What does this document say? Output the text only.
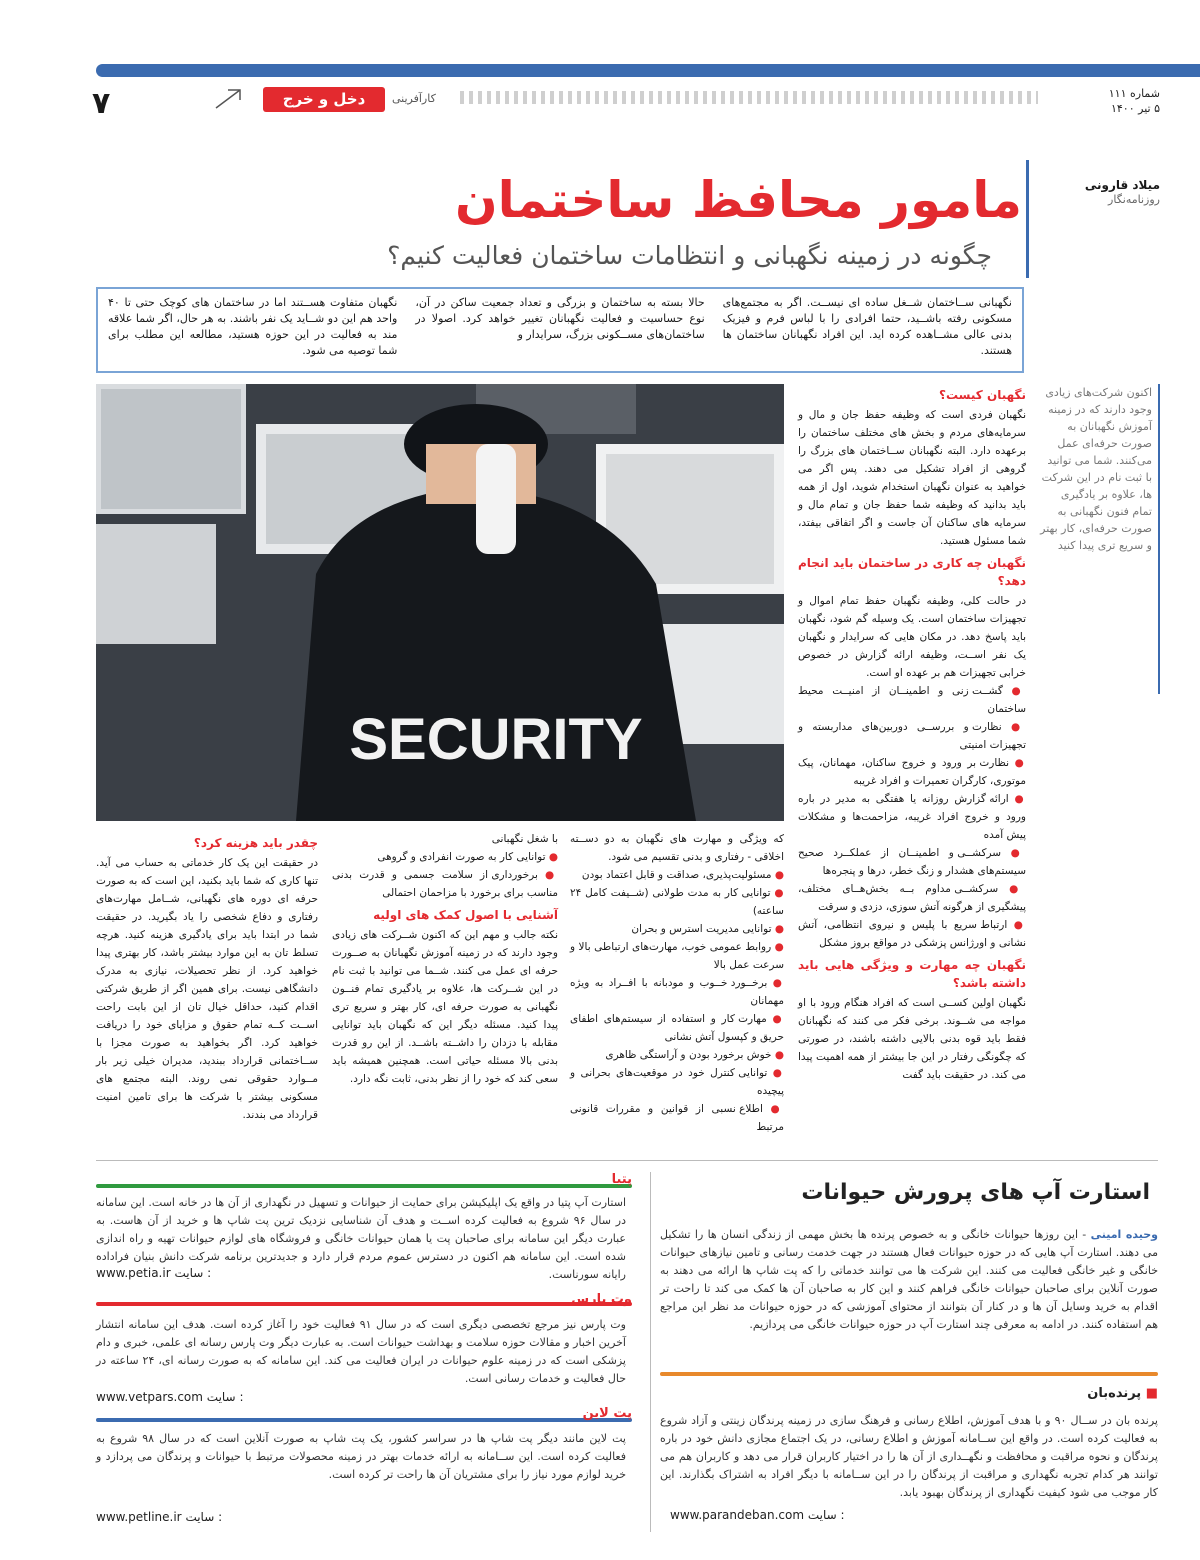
۷	دخل و خرج	کارآفرینی	شماره ۱۱۱
۵ تیر ۱۴۰۰
میلاد قارونی
روزنامه‌نگار
مامور محافظ ساختمان
چگونه در زمینه نگهبانی و انتظامات ساختمان فعالیت کنیم؟

نگهبانی ســاختمان شــغل ساده ای نیســت. اگر به مجتمع‌های مسکونی رفته باشــید، حتما افرادی را با لباس فرم و فیزیک بدنی عالی مشــاهده کرده اید. این افراد نگهبانان ساختمان ها هستند.

حالا بسته به ساختمان و بزرگی و تعداد جمعیت ساکن در آن، نوع حساسیت و فعالیت نگهبانان تغییر خواهد کرد. اصولا در ساختمان‌های مســکونی بزرگ، سرایدار و

نگهبان متفاوت هســتند اما در ساختمان های کوچک حتی تا ۴۰ واحد هم این دو شــاید یک نفر باشند. به هر حال، اگر شما علاقه مند به فعالیت در این حوزه هستید، مطالعه این مطلب برای شما توصیه می شود.

SECURITY
اکنون شرکت‌های زیادی وجود دارند که در زمینه آموزش نگهبانان به صورت حرفه‌ای عمل می‌کنند. شما می توانید با ثبت نام در این شرکت ها، علاوه بر یادگیری تمام فنون نگهبانی به صورت حرفه‌ای، کار بهتر و سریع تری پیدا کنید
نگهبان کیست؟

نگهبان فردی است که وظیفه حفظ جان و مال و سرمایه‌های مردم و بخش های مختلف ساختمان را برعهده دارد. البته نگهبانان ســاختمان های بزرگ را گروهی از افراد تشکیل می دهند. پس اگر می خواهید به عنوان نگهبان استخدام شوید، اول از همه باید بدانید که وظیفه شما حفظ جان و تمام مال و سرمایه های ساکنان آن جاست و اگر اتفاقی بیفتد، شما مسئول هستید.

نگهبان چه کاری در ساختمان باید انجام دهد؟

در حالت کلی، وظیفه نگهبان حفظ تمام اموال و تجهیزات ساختمان است. یک وسیله گم شود، نگهبان باید پاسخ دهد. در مکان هایی که سرایدار و نگهبان یک نفر اســت، وظیفه ارائه گزارش در خصوص خرابی تجهیزات هم بر عهده او است.

● گشــت زنی و اطمینــان از امنیــت محیط ساختمان

● نظارت و بررســی دوربین‌های مداربسته و تجهیزات امنیتی

● نظارت بر ورود و خروج ساکنان، مهمانان، پیک موتوری، کارگران تعمیرات و افراد غریبه

● ارائه گزارش روزانه یا هفتگی به مدیر در باره ورود و خروج افراد غریبه، مزاحمت‌ها و مشکلات پیش آمده

● سرکشــی و اطمینــان از عملکــرد صحیح سیستم‌های هشدار و زنگ خطر، درها و پنجره‌ها

● سرکشــی مداوم بــه بخش‌هــای مختلف، پیشگیری از هرگونه آتش سوزی، دزدی و سرقت

● ارتباط سریع با پلیس و نیروی انتظامی، آتش نشانی و اورژانس پزشکی در مواقع بروز مشکل

نگهبان چه مهارت و ویژگی هایی باید داشته باشد؟

نگهبان اولین کســی است که افراد هنگام ورود با او مواجه می شــوند. برخی فکر می کنند که نگهبانان فقط باید قوه بدنی بالایی داشته باشند، در صورتی که چگونگی رفتار در این جا بیشتر از همه اهمیت پیدا می کند. در حقیقت باید گفت

که ویژگی و مهارت های نگهبان به دو دســته اخلاقی - رفتاری و بدنی تقسیم می شود.

● مسئولیت‌پذیری، صداقت و قابل اعتماد بودن

● توانایی کار به مدت طولانی (شــیفت کامل ۲۴ ساعته)

● توانایی مدیریت استرس و بحران

● روابط عمومی خوب، مهارت‌های ارتباطی بالا و سرعت عمل بالا

● برخــورد خــوب و مودبانه با افــراد به ویژه مهمانان

● مهارت کار و استفاده از سیستم‌های اطفای حریق و کپسول آتش نشانی

● خوش برخورد بودن و آراستگی ظاهری

● توانایی کنترل خود در موقعیت‌های بحرانی و پیچیده

● اطلاع نسبی از قوانین و مقررات قانونی مرتبط

با شغل نگهبانی

● توانایی کار به صورت انفرادی و گروهی

● برخورداری از سلامت جسمی و قدرت بدنی مناسب برای برخورد با مزاحمان احتمالی

آشنایی با اصول کمک های اولیه

نکته جالب و مهم این که اکنون شــرکت های زیادی وجود دارند که در زمینه آموزش نگهبانان به صــورت حرفه ای عمل می کنند. شــما می توانید با ثبت نام در این شــرکت ها، علاوه بر یادگیری تمام فنــون نگهبانی به صورت حرفه ای، کار بهتر و سریع تری پیدا کنید. مسئله دیگر این که نگهبان باید توانایی مقابله با دزدان را داشــته باشــد. از این رو قدرت بدنی بالا مسئله حیاتی است. همچنین همیشه باید سعی کند که خود را از نظر بدنی، ثابت نگه دارد.

چقدر باید هزینه کرد؟

در حقیقت این یک کار خدماتی به حساب می آید. تنها کاری که شما باید بکنید، این است که به صورت حرفه ای دوره های نگهبانی، شــامل مهارت‌های رفتاری و دفاع شخصی را یاد بگیرید. در حقیقت شما در ابتدا باید برای یادگیری هزینه کنید. هرچه تسلط تان به این موارد بیشتر باشد، کار بهتری پیدا خواهید کرد. از نظر تحصیلات، نیازی به مدرک دانشگاهی نیست. برای همین اگر از طریق شرکتی اقدام کنید، حداقل خیال تان از این بابت راحت اســت کــه تمام حقوق و مزایای خود را دریافت خواهید کرد. اگر بخواهید به صورت مجزا با ســاختمانی قرارداد ببندید، مدیران خیلی زیر بار مــوارد حقوقی نمی روند. البته مجتمع های مسکونی بیشتر با شرکت ها برای تامین امنیت قرارداد می بندند.

استارت آپ های پرورش حیوانات
وحیده امینی - این روزها حیوانات خانگی و به خصوص پرنده ها بخش مهمی از زندگی انسان ها را تشکیل می دهند. استارت آپ هایی که در حوزه حیوانات فعال هستند در جهت خدمت رسانی و تامین نیازهای حیوانات خانگی و غیر خانگی فعالیت می کنند. این شرکت ها می توانند خدماتی را که پت شاپ ها ارائه می دهند به صورت آنلاین برای صاحبان حیوانات خانگی فراهم کنند و این کار به صاحبان آن ها کمک می کند تا راحت تر اقدام به خرید وسایل آن ها و در کنار آن بتوانند از محتوای آموزشی که در حوزه حیوانات مد نظر این مراجع هم استفاده کنند. در ادامه به معرفی چند استارت آپ در حوزه حیوانات خانگی می پردازیم.
■ پرنده‌بان
پرنده بان در ســال ۹۰ و با هدف آموزش، اطلاع رسانی و فرهنگ سازی در زمینه پرندگان زینتی و آزاد شروع به فعالیت کرده است. در واقع این ســامانه آموزش و اطلاع رسانی، در یک اجتماع مجازی دانش خود در باره پرندگان و نحوه مراقبت و محافظت و نگهــداری از آن ها را در اختیار کاربران قرار می دهد و کاربران هم می توانند هر کدام تجربه نگهداری و مراقبت از پرندگان را در این ســامانه با دیگر افراد به اشتراک بگذارند. این کار موجب می شود کیفیت نگهداری از پرندگان بهبود یابد.
www.parandeban.com سایت :
پتیا
استارت آپ پتیا در واقع یک اپلیکیشن برای حمایت از حیوانات و تسهیل در نگهداری از آن ها در خانه است. این سامانه در سال ۹۶ شروع به فعالیت کرده اســت و هدف آن شناسایی نزدیک ترین پت شاپ ها و خرید از آن هاست. به عبارت دیگر این سامانه برای صاحبان پت یا همان حیوانات خانگی و فروشگاه های لوازم حیوانات تهیه و راه اندازی شده است. این سامانه هم اکنون در دسترس عموم مردم قرار دارد و جدیدترین برنامه شرکت دانش بنیان فراداده رایانه سورناست.
www.petia.ir سایت :
وت پارس
وت پارس نیز مرجع تخصصی دیگری است که در سال ۹۱ فعالیت خود را آغاز کرده است. هدف این سامانه انتشار آخرین اخبار و مقالات حوزه سلامت و بهداشت حیوانات است. به عبارت دیگر وت پارس رسانه ای علمی، خبری و دام پزشکی است که در زمینه علوم حیوانات در ایران فعالیت می کند. این سامانه که به صورت رسانه ای، ۲۴ ساعته در حال فعالیت و خدمات رسانی است.
www.vetpars.com سایت :
پت لاین
پت لاین مانند دیگر پت شاپ ها در سراسر کشور، یک پت شاپ به صورت آنلاین است که در سال ۹۸ شروع به فعالیت کرده است. این ســامانه به ارائه خدمات بهتر در زمینه محصولات مرتبط با حیوانات و پرندگان می پردازد و خرید لوازم مورد نیاز را برای مشتریان آن ها راحت تر کرده است.
www.petline.ir سایت :
